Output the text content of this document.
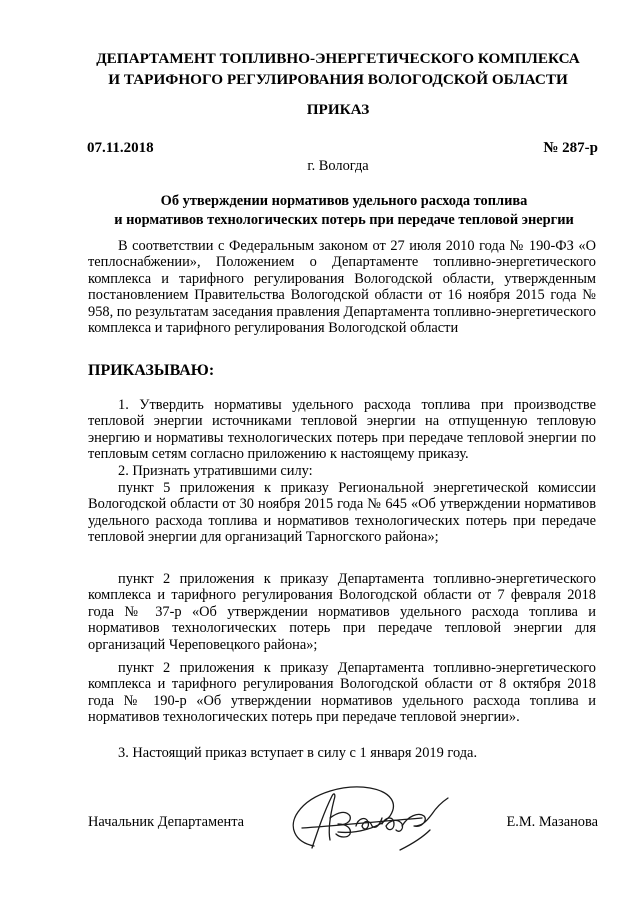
ДЕПАРТАМЕНТ ТОПЛИВНО-ЭНЕРГЕТИЧЕСКОГО КОМПЛЕКСА
И ТАРИФНОГО РЕГУЛИРОВАНИЯ ВОЛОГОДСКОЙ ОБЛАСТИ
ПРИКАЗ
07.11.2018	№ 287-р
г. Вологда
Об утверждении нормативов удельного расхода топлива
и нормативов технологических потерь при передаче тепловой энергии

В соответствии с Федеральным законом от 27 июля 2010 года № 190-ФЗ «О теплоснабжении», Положением о Департаменте топливно-энергетического комплекса и тарифного регулирования Вологодской области, утвержденным постановлением Правительства Вологодской области от 16 ноября 2015 года № 958, по результатам заседания правления Департамента топливно-энергетического комплекса и тарифного регулирования Вологодской области

ПРИКАЗЫВАЮ:

1. Утвердить нормативы удельного расхода топлива при производстве тепловой энергии источниками тепловой энергии на отпущенную тепловую энергию и нормативы технологических потерь при передаче тепловой энергии по тепловым сетям согласно приложению к настоящему приказу.

2. Признать утратившими силу:

пункт 5 приложения к приказу Региональной энергетической комиссии Вологодской области от 30 ноября 2015 года № 645 «Об утверждении нормативов удельного расхода топлива и нормативов технологических потерь при передаче тепловой энергии для организаций Тарногского района»;

пункт 2 приложения к приказу Департамента топливно-энергетического комплекса и тарифного регулирования Вологодской области от 7 февраля 2018 года № 37-р «Об утверждении нормативов удельного расхода топлива и нормативов технологических потерь при передаче тепловой энергии для организаций Череповецкого района»;

пункт 2 приложения к приказу Департамента топливно-энергетического комплекса и тарифного регулирования Вологодской области от 8 октября 2018 года № 190-р «Об утверждении нормативов удельного расхода топлива и нормативов технологических потерь при передаче тепловой энергии».

3. Настоящий приказ вступает в силу с 1 января 2019 года.

Начальник Департамента	Е.М. Мазанова
